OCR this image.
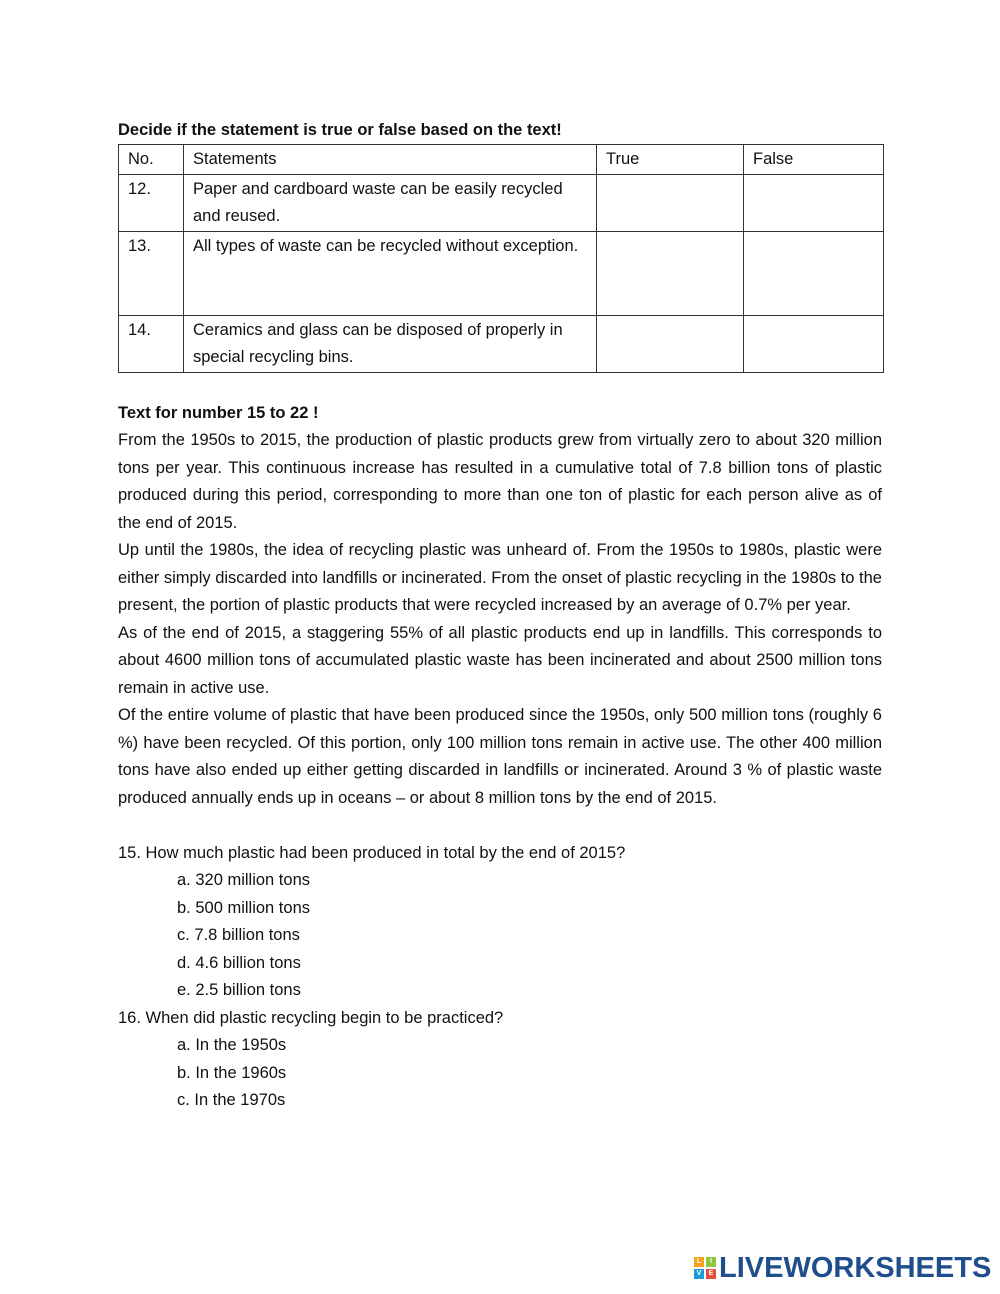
Decide if the statement is true or false based on the text!

No.	Statements	True	False
12.	Paper and cardboard waste can be easily recycled and reused.		
13.	All types of waste can be recycled without exception.		
14.	Ceramics and glass can be disposed of properly in special recycling bins.		
Text for number 15 to 22 !

From the 1950s to 2015, the production of plastic products grew from virtually zero to about 320 million tons per year. This continuous increase has resulted in a cumulative total of 7.8 billion tons of plastic produced during this period, corresponding to more than one ton of plastic for each person alive as of the end of 2015.

Up until the 1980s, the idea of recycling plastic was unheard of. From the 1950s to 1980s, plastic were either simply discarded into landfills or incinerated. From the onset of plastic recycling in the 1980s to the present, the portion of plastic products that were recycled increased by an average of 0.7% per year.

As of the end of 2015, a staggering 55% of all plastic products end up in landfills. This corresponds to about 4600 million tons of accumulated plastic waste has been incinerated and about 2500 million tons remain in active use.

Of the entire volume of plastic that have been produced since the 1950s, only 500 million tons (roughly 6 %) have been recycled. Of this portion, only 100 million tons remain in active use. The other 400 million tons have also ended up either getting discarded in landfills or incinerated. Around 3 % of plastic waste produced annually ends up in oceans – or about 8 million tons by the end of 2015.

15. How much plastic had been produced in total by the end of 2015?

a. 320 million tons

b. 500 million tons

c. 7.8 billion tons

d. 4.6 billion tons

e. 2.5 billion tons

16. When did plastic recycling begin to be practiced?

a. In the 1950s

b. In the 1960s

c. In the 1970s

L	I
V	E LIVEWORKSHEETS
